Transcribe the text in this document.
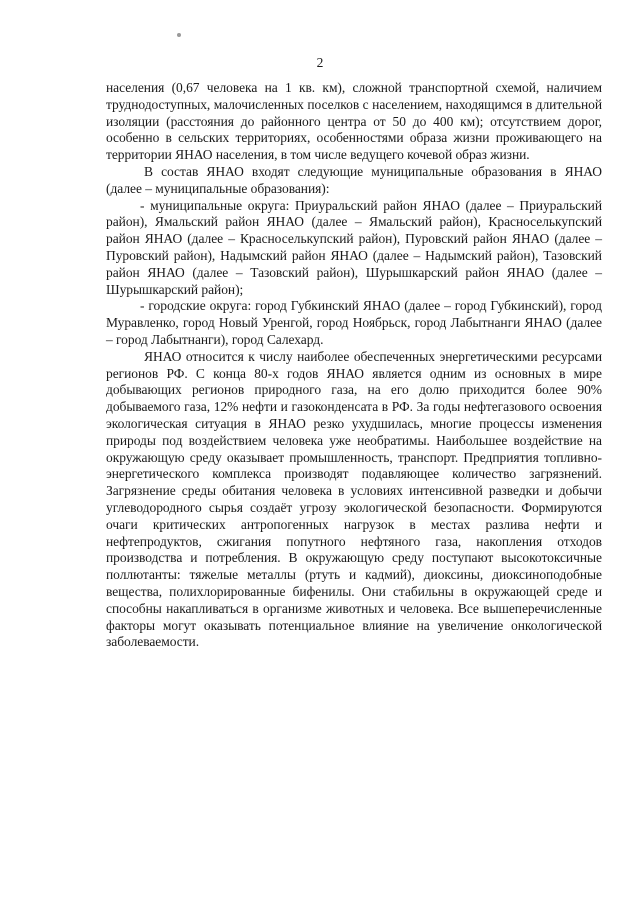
2

населения (0,67 человека на 1 кв. км), сложной транспортной схемой, наличием труднодоступных, малочисленных поселков с населением, находящимся в длительной изоляции (расстояния до районного центра от 50 до 400 км); отсутствием дорог, особенно в сельских территориях, особенностями образа жизни проживающего на территории ЯНАО населения, в том числе ведущего кочевой образ жизни.

В состав ЯНАО входят следующие муниципальные образования в ЯНАО (далее – муниципальные образования):

- муниципальные округа: Приуральский район ЯНАО (далее – Приуральский район), Ямальский район ЯНАО (далее – Ямальский район), Красноселькупский район ЯНАО (далее – Красноселькупский район), Пуровский район ЯНАО (далее – Пуровский район), Надымский район ЯНАО (далее – Надымский район), Тазовский район ЯНАО (далее – Тазовский район), Шурышкарский район ЯНАО (далее – Шурышкарский район);

- городские округа: город Губкинский ЯНАО (далее – город Губкинский), город Муравленко, город Новый Уренгой, город Ноябрьск, город Лабытнанги ЯНАО (далее – город Лабытнанги), город Салехард.

ЯНАО относится к числу наиболее обеспеченных энергетическими ресурсами регионов РФ. С конца 80-х годов ЯНАО является одним из основных в мире добывающих регионов природного газа, на его долю приходится более 90% добываемого газа, 12% нефти и газоконденсата в РФ. За годы нефтегазового освоения экологическая ситуация в ЯНАО резко ухудшилась, многие процессы изменения природы под воздействием человека уже необратимы. Наибольшее воздействие на окружающую среду оказывает промышленность, транспорт. Предприятия топливно-энергетического комплекса производят подавляющее количество загрязнений. Загрязнение среды обитания человека в условиях интенсивной разведки и добычи углеводородного сырья создаёт угрозу экологической безопасности. Формируются очаги критических антропогенных нагрузок в местах разлива нефти и нефтепродуктов, сжигания попутного нефтяного газа, накопления отходов производства и потребления. В окружающую среду поступают высокотоксичные поллютанты: тяжелые металлы (ртуть и кадмий), диоксины, диоксиноподобные вещества, полихлорированные бифенилы. Они стабильны в окружающей среде и способны накапливаться в организме животных и человека. Все вышеперечисленные факторы могут оказывать потенциальное влияние на увеличение онкологической заболеваемости.
